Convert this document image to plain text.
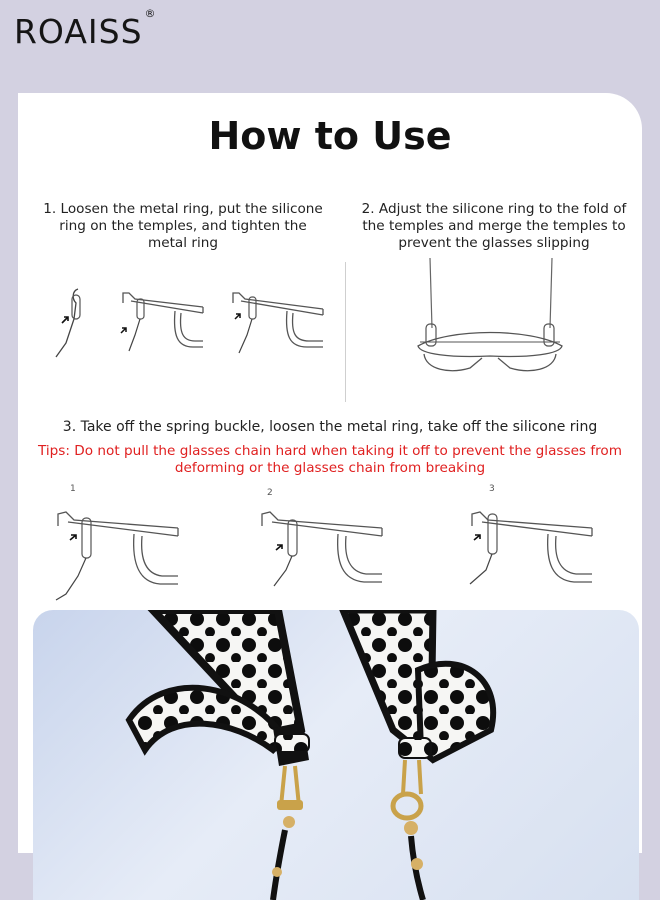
ROAISS ®
How to Use
1. Loosen the metal ring, put the silicone ring on the temples, and tighten the metal ring
2. Adjust the silicone ring to the fold of the temples and merge the temples to prevent the glasses slipping
3. Take off the spring buckle, loosen the metal ring, take off the silicone ring
Tips: Do not pull the glasses chain hard when taking it off to prevent the glasses from deforming or the glasses chain from breaking
1	2	3
